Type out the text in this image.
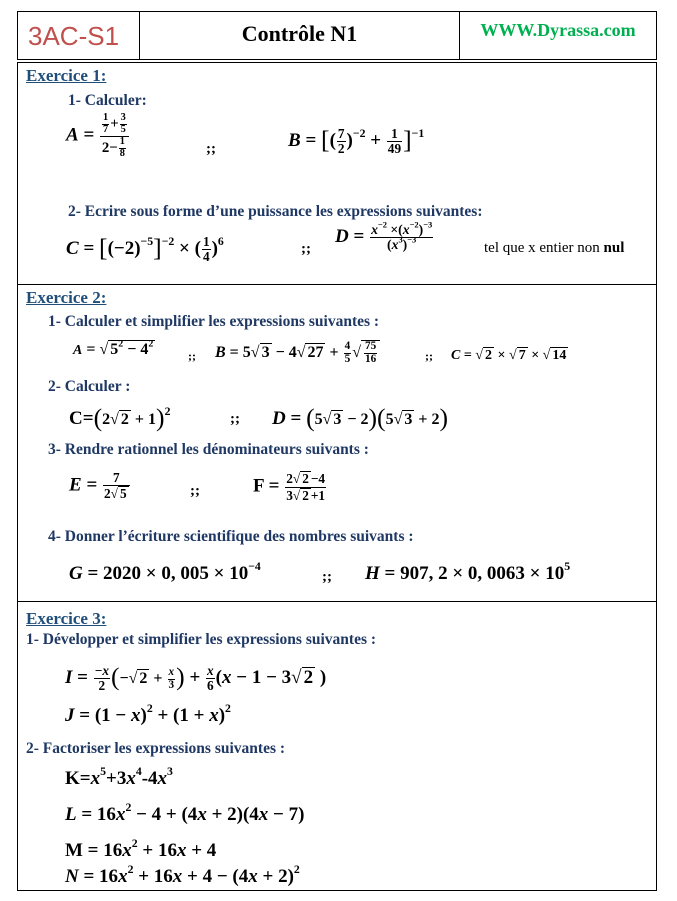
3AC-S1	Contrôle N1	WWW.Dyrassa.com
Exercice 1:
1- Calculer:
$A = \frac{\frac{1}{7} + \frac{3}{5}}{2- \frac{1}{8}}$	;;	B = [( $\frac{7}{2} )^{-2} + \frac{1}{49} ]^{-1}$
2- Ecrire sous forme d’une puissance les expressions suivantes:
$C = [(-2)^{-5}]^{-2}$ × ( $\frac{1}{4} )^6$	;;
$D = \frac{x^{-2} \times(x^{-2})^{-3}}{(x^3)^{-3}}$	tel que x entier non nul
Exercice 2:
1- Calculer et simplifier les expressions suivantes :
A = √ $5^2 - 4^2$
;; B = 5√ 3 − 4√ $27 + \frac{4}{5}$ √ $\frac{75}{16}$	;; C = √ 2 × √ 7 × √ 14
2- Calculer :
C=(2√ 2 + 1)$^2$	;; D = (5√ 3 − 2)(5√ 3 + 2)
3- Rendre rationnel les dénominateurs suivants :
$E = \frac{7}{2√ 5}$	;;	$F = \frac{2√ 2 -4}{3√ 2 +1}$
4- Donner l’écriture scientifique des nombres suivants :
G = 2020 × 0, $005 \times 10^{-4}$
;; H = 907, 2 × 0, $0063 \times 10^5$
Exercice 3:
1- Développer et simplifier les expressions suivantes :
$I = \frac{-x}{2}$ (−√ $2 + \frac{x}{3}$ ) + $\frac{x}{6} (x - 1 - 3√$ 2 )
$J = (1 - x)^2 + (1 + x)^2$
2- Factoriser les expressions suivantes :
$K=x^5+3x^4-4x^3$
$L = 16x^2 - 4 + (4x + 2)(4x - 7)$
$M = 16x^2 + 16x + 4$
$N = 16x^2 + 16x + 4 - (4x + 2)^2$
